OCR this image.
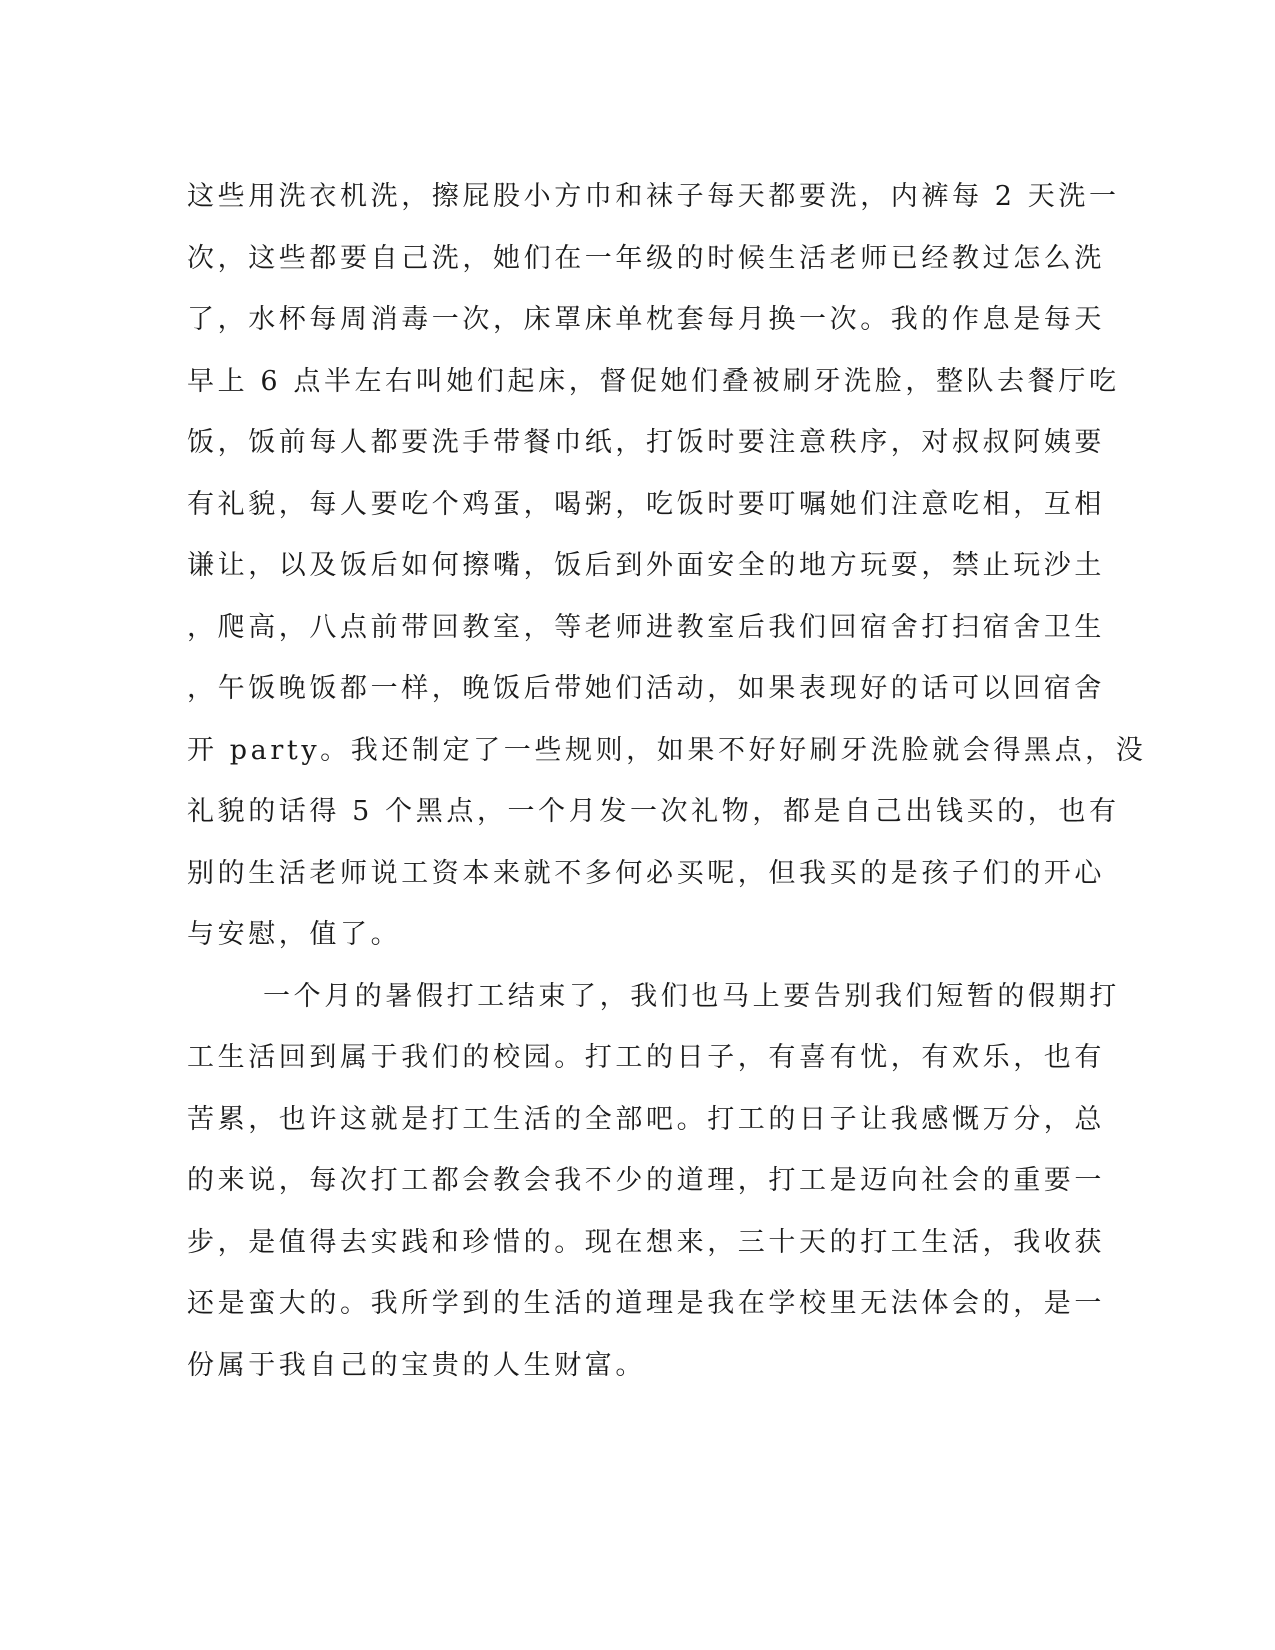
这些用洗衣机洗，擦屁股小方巾和袜子每天都要洗，内裤每 2 天洗一
次，这些都要自己洗，她们在一年级的时候生活老师已经教过怎么洗
了，水杯每周消毒一次，床罩床单枕套每月换一次。我的作息是每天
早上 6 点半左右叫她们起床，督促她们叠被刷牙洗脸，整队去餐厅吃
饭，饭前每人都要洗手带餐巾纸，打饭时要注意秩序，对叔叔阿姨要
有礼貌，每人要吃个鸡蛋，喝粥，吃饭时要叮嘱她们注意吃相，互相
谦让，以及饭后如何擦嘴，饭后到外面安全的地方玩耍，禁止玩沙土
，爬高，八点前带回教室，等老师进教室后我们回宿舍打扫宿舍卫生
，午饭晚饭都一样，晚饭后带她们活动，如果表现好的话可以回宿舍
开 party。我还制定了一些规则，如果不好好刷牙洗脸就会得黑点，没
礼貌的话得 5 个黑点，一个月发一次礼物，都是自己出钱买的，也有
别的生活老师说工资本来就不多何必买呢，但我买的是孩子们的开心
与安慰，值了。
一个月的暑假打工结束了，我们也马上要告别我们短暂的假期打
工生活回到属于我们的校园。打工的日子，有喜有忧，有欢乐，也有
苦累，也许这就是打工生活的全部吧。打工的日子让我感慨万分，总
的来说，每次打工都会教会我不少的道理，打工是迈向社会的重要一
步，是值得去实践和珍惜的。现在想来，三十天的打工生活，我收获
还是蛮大的。我所学到的生活的道理是我在学校里无法体会的，是一
份属于我自己的宝贵的人生财富。
